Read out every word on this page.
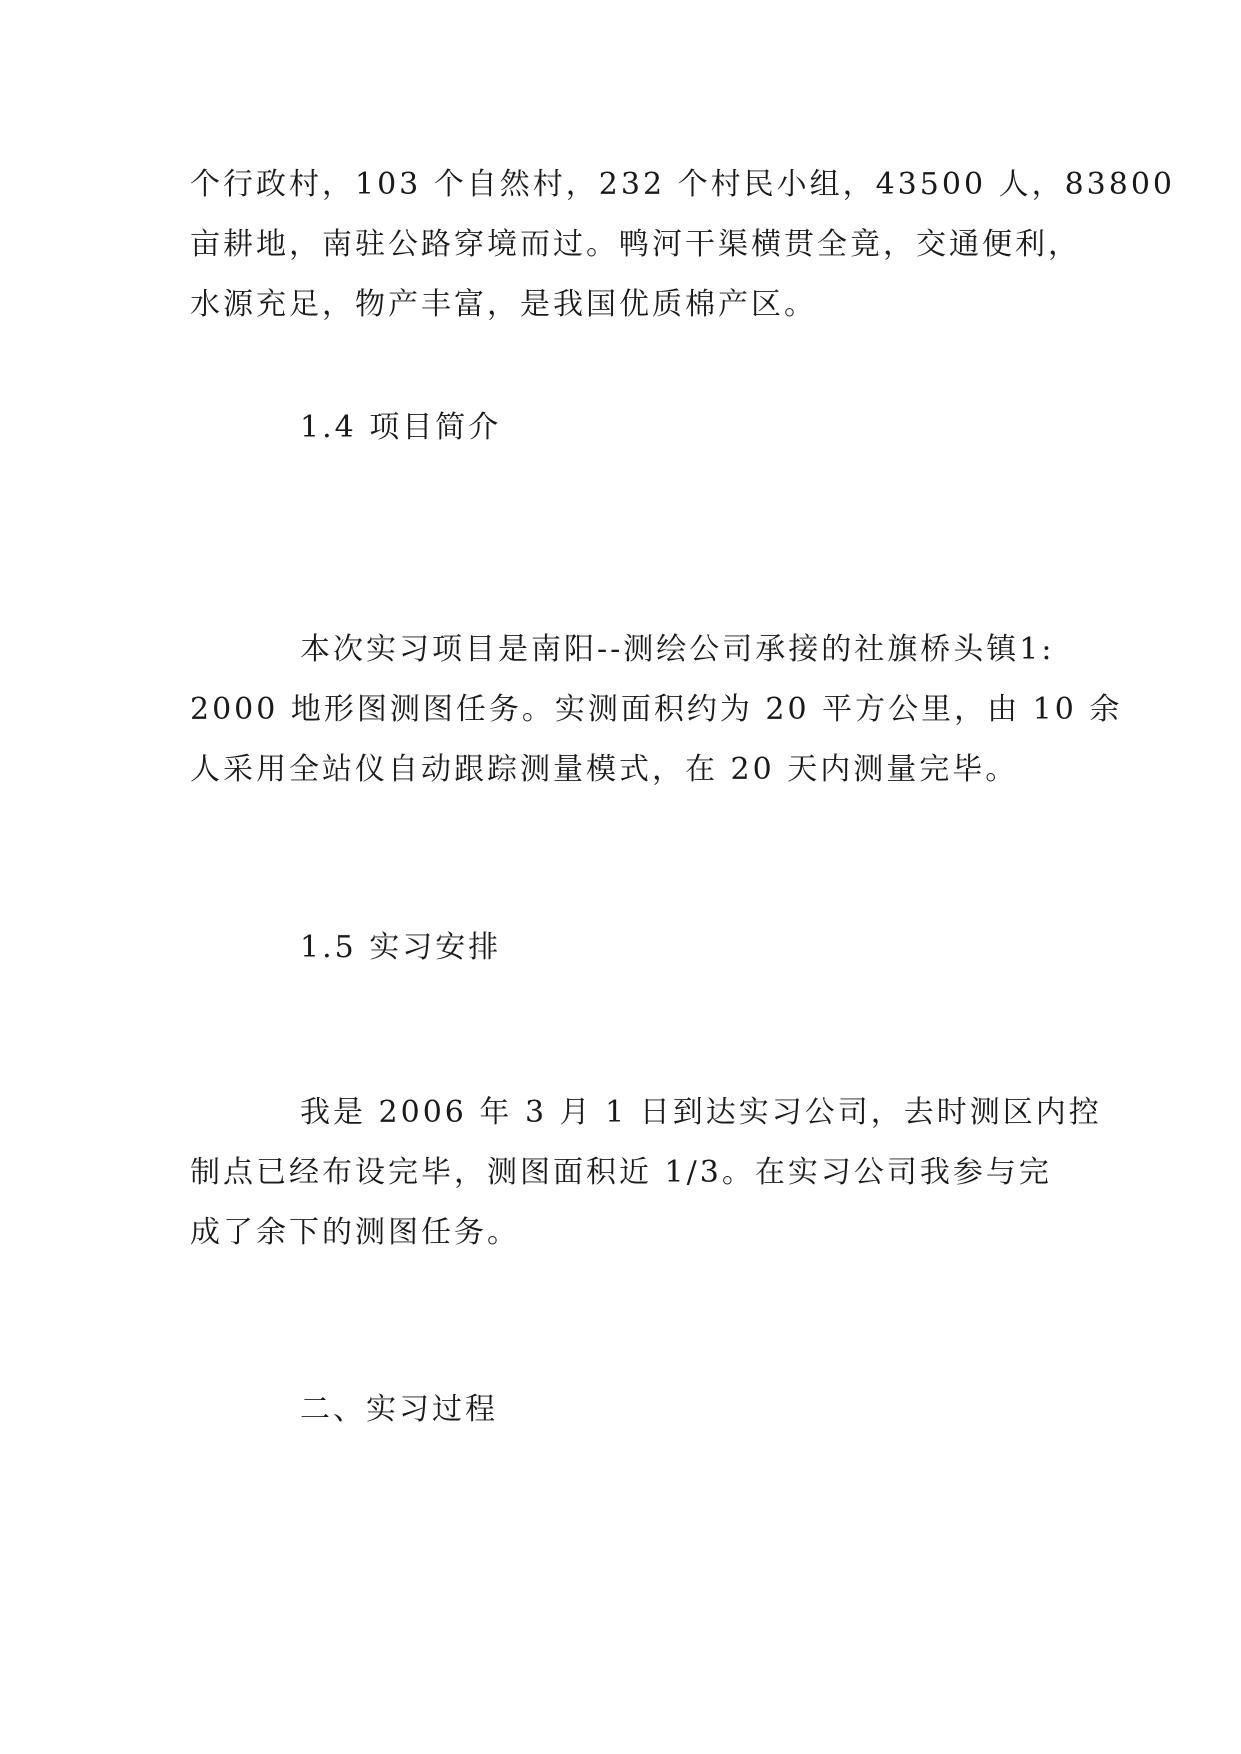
个行政村，103 个自然村，232 个村民小组，43500 人，83800
亩耕地，南驻公路穿境而过。鸭河干渠横贯全竟，交通便利，
水源充足，物产丰富，是我国优质棉产区。

1.4 项目简介

本次实习项目是南阳--测绘公司承接的社旗桥头镇1:
2000 地形图测图任务。实测面积约为 20 平方公里，由 10 余
人采用全站仪自动跟踪测量模式，在 20 天内测量完毕。

1.5 实习安排

我是 2006 年 3 月 1 日到达实习公司，去时测区内控
制点已经布设完毕，测图面积近 1/3。在实习公司我参与完
成了余下的测图任务。

二、实习过程
